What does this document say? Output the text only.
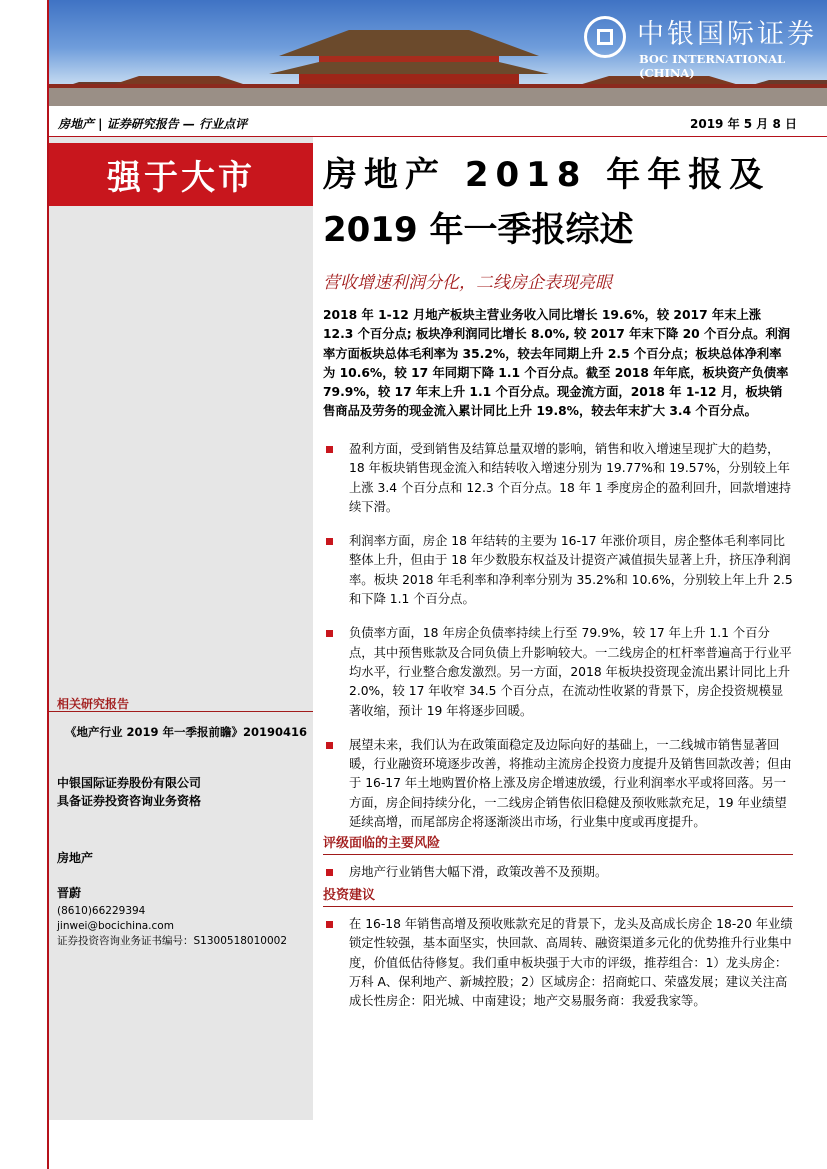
中银国际证券
BOC INTERNATIONAL (CHINA)
房地产 | 证券研究报告 — 行业点评	2019 年 5 月 8 日
强于大市	房地产 2018 年年报及
2019 年一季报综述
营收增速利润分化，二线房企表现亮眼
2018 年 1-12 月地产板块主营业务收入同比增长 19.6%，较 2017 年末上涨 12.3 个百分点; 板块净利润同比增长 8.0%, 较 2017 年末下降 20 个百分点。利润率方面板块总体毛利率为 35.2%，较去年同期上升 2.5 个百分点；板块总体净利率为 10.6%，较 17 年同期下降 1.1 个百分点。截至 2018 年年底，板块资产负债率 79.9%，较 17 年末上升 1.1 个百分点。现金流方面，2018 年 1-12 月，板块销售商品及劳务的现金流入累计同比上升 19.8%，较去年末扩大 3.4 个百分点。
盈利方面，受到销售及结算总量双增的影响，销售和收入增速呈现扩大的趋势，18 年板块销售现金流入和结转收入增速分别为 19.77%和 19.57%，分别较上年上涨 3.4 个百分点和 12.3 个百分点。18 年 1 季度房企的盈利回升，回款增速持续下滑。
利润率方面，房企 18 年结转的主要为 16-17 年涨价项目，房企整体毛利率同比整体上升，但由于 18 年少数股东权益及计提资产减值损失显著上升，挤压净利润率。板块 2018 年毛利率和净利率分别为 35.2%和 10.6%，分别较上年上升 2.5 和下降 1.1 个百分点。
负债率方面，18 年房企负债率持续上行至 79.9%，较 17 年上升 1.1 个百分点，其中预售账款及合同负债上升影响较大。一二线房企的杠杆率普遍高于行业平均水平，行业整合愈发激烈。另一方面，2018 年板块投资现金流出累计同比上升 2.0%，较 17 年收窄 34.5 个百分点，在流动性收紧的背景下，房企投资规模显著收缩，预计 19 年将逐步回暖。
展望未来，我们认为在政策面稳定及边际向好的基础上，一二线城市销售显著回暖，行业融资环境逐步改善，将推动主流房企投资力度提升及销售回款改善；但由于 16-17 年土地购置价格上涨及房企增速放缓，行业利润率水平或将回落。另一方面，房企间持续分化，一二线房企销售依旧稳健及预收账款充足，19 年业绩望延续高增，而尾部房企将逐渐淡出市场，行业集中度或再度提升。
评级面临的主要风险
房地产行业销售大幅下滑，政策改善不及预期。
投资建议
在 16-18 年销售高增及预收账款充足的背景下，龙头及高成长房企 18-20 年业绩锁定性较强，基本面坚实，快回款、高周转、融资渠道多元化的优势推升行业集中度，价值低估待修复。我们重申板块强于大市的评级，推荐组合：1）龙头房企：万科 A、保利地产、新城控股；2）区域房企：招商蛇口、荣盛发展；建议关注高成长性房企：阳光城、中南建设；地产交易服务商：我爱我家等。
相关研究报告
《地产行业 2019 年一季报前瞻》20190416
中银国际证券股份有限公司
具备证券投资咨询业务资格
房地产
晋蔚
(8610)66229394
jinwei@bocichina.com
证券投资咨询业务证书编号：S1300518010002
